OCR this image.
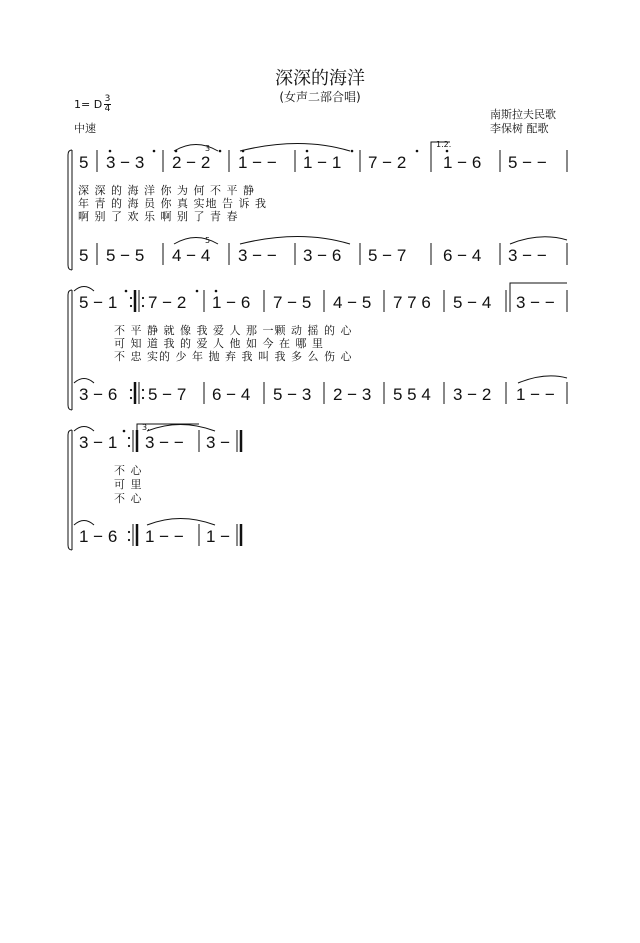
深深的海洋
(女声二部合唱)
1= D 3
4
中速
南斯拉夫民歌
李保树 配歌
5 3 − 3 2 − 2 1 − − 1 − 1 7 − 2 1 − 6 5 − −
1.2.
3
深 深 的 海 洋 你 为 何 不 平 静
年 青 的 海 员 你 真 实地 告 诉 我
啊 别 了 欢 乐 啊 别 了 青 春
5 5 − 5 4 − 4 3 − − 3 − 6 5 − 7 6 − 4 3 − −
5
5 − 1 7 − 2 1 − 6 7 − 5 4 − 5 7 7 6 5 − 4 3 − −
不 平 静 就 像 我 爱 人 那 一颗 动 摇 的 心
可 知 道 我 的 爱 人 他 如 今 在 哪 里
不 忠 实的 少 年 抛 弃 我 叫 我 多 么 伤 心
3 − 6 5 − 7 6 − 4 5 − 3 2 − 3 5 5 4 3 − 2 1 − −
3 − 1 3 − − 3 −
3.
不 心
可 里
不 心
1 − 6 1 − − 1 −
